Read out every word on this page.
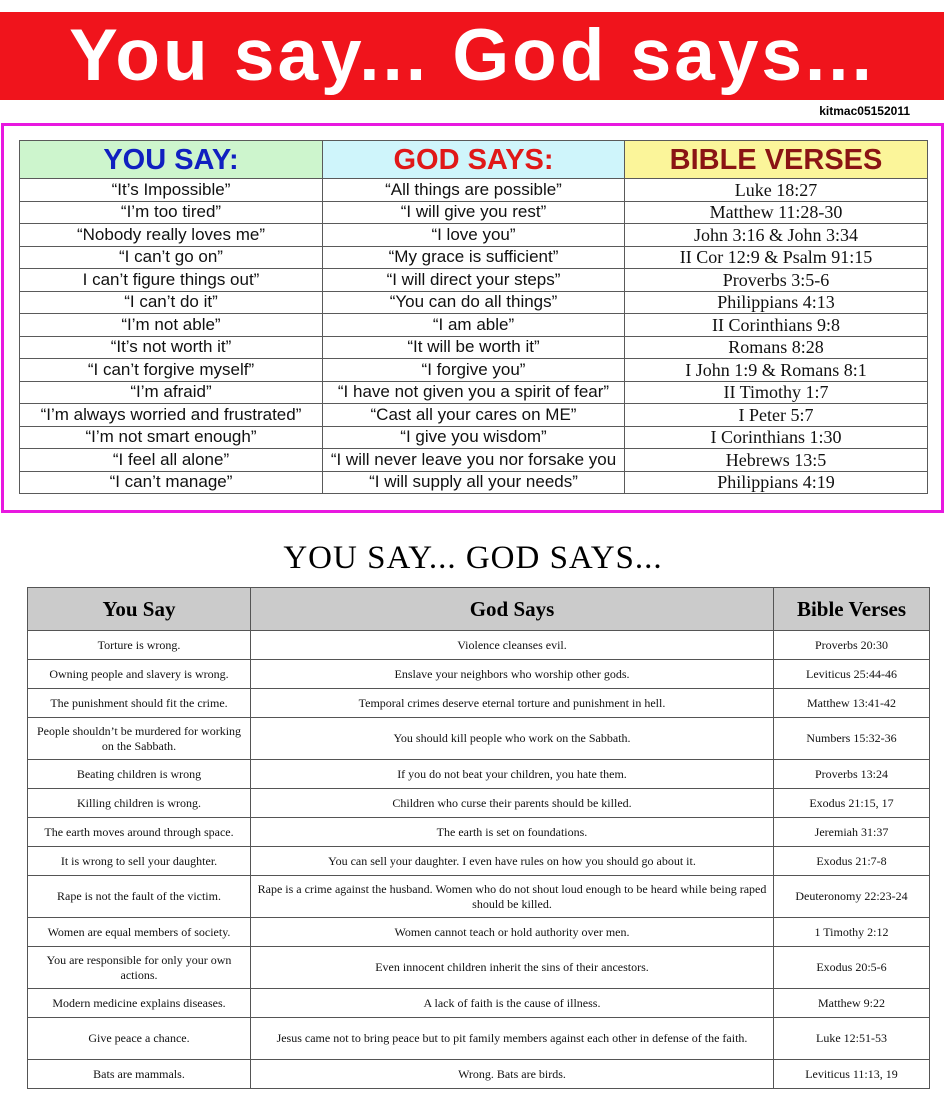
You say... God says...
kitmac05152011
YOU SAY:	GOD SAYS:	BIBLE VERSES
“It’s Impossible”	“All things are possible”	Luke 18:27
“I’m too tired”	“I will give you rest”	Matthew 11:28-30
“Nobody really loves me”	“I love you”	John 3:16 & John 3:34
“I can’t go on”	“My grace is sufficient”	II Cor 12:9 & Psalm 91:15
I can’t figure things out”	“I will direct your steps”	Proverbs 3:5-6
“I can’t do it”	“You can do all things”	Philippians 4:13
“I’m not able”	“I am able”	II Corinthians 9:8
“It’s not worth it”	“It will be worth it”	Romans 8:28
“I can’t forgive myself”	“I forgive you”	I John 1:9 & Romans 8:1
“I’m afraid”	“I have not given you a spirit of fear”	II Timothy 1:7
“I’m always worried and frustrated”	“Cast all your cares on ME”	I Peter 5:7
“I’m not smart enough”	“I give you wisdom”	I Corinthians 1:30
“I feel all alone”	“I will never leave you nor forsake you	Hebrews 13:5
“I can’t manage”	“I will supply all your needs”	Philippians 4:19
YOU SAY... GOD SAYS...
You Say	God Says	Bible Verses
Torture is wrong.	Violence cleanses evil.	Proverbs 20:30
Owning people and slavery is wrong.	Enslave your neighbors who worship other gods.	Leviticus 25:44-46
The punishment should fit the crime.	Temporal crimes deserve eternal torture and punishment in hell.	Matthew 13:41-42
People shouldn’t be murdered for working on the Sabbath.	You should kill people who work on the Sabbath.	Numbers 15:32-36
Beating children is wrong	If you do not beat your children, you hate them.	Proverbs 13:24
Killing children is wrong.	Children who curse their parents should be killed.	Exodus 21:15, 17
The earth moves around through space.	The earth is set on foundations.	Jeremiah 31:37
It is wrong to sell your daughter.	You can sell your daughter. I even have rules on how you should go about it.	Exodus 21:7-8
Rape is not the fault of the victim.	Rape is a crime against the husband. Women who do not shout loud enough to be heard while being raped should be killed.	Deuteronomy 22:23-24
Women are equal members of society.	Women cannot teach or hold authority over men.	1 Timothy 2:12
You are responsible for only your own actions.	Even innocent children inherit the sins of their ancestors.	Exodus 20:5-6
Modern medicine explains diseases.	A lack of faith is the cause of illness.	Matthew 9:22
Give peace a chance.	Jesus came not to bring peace but to pit family members against each other in defense of the faith.	Luke 12:51-53
Bats are mammals.	Wrong. Bats are birds.	Leviticus 11:13, 19
